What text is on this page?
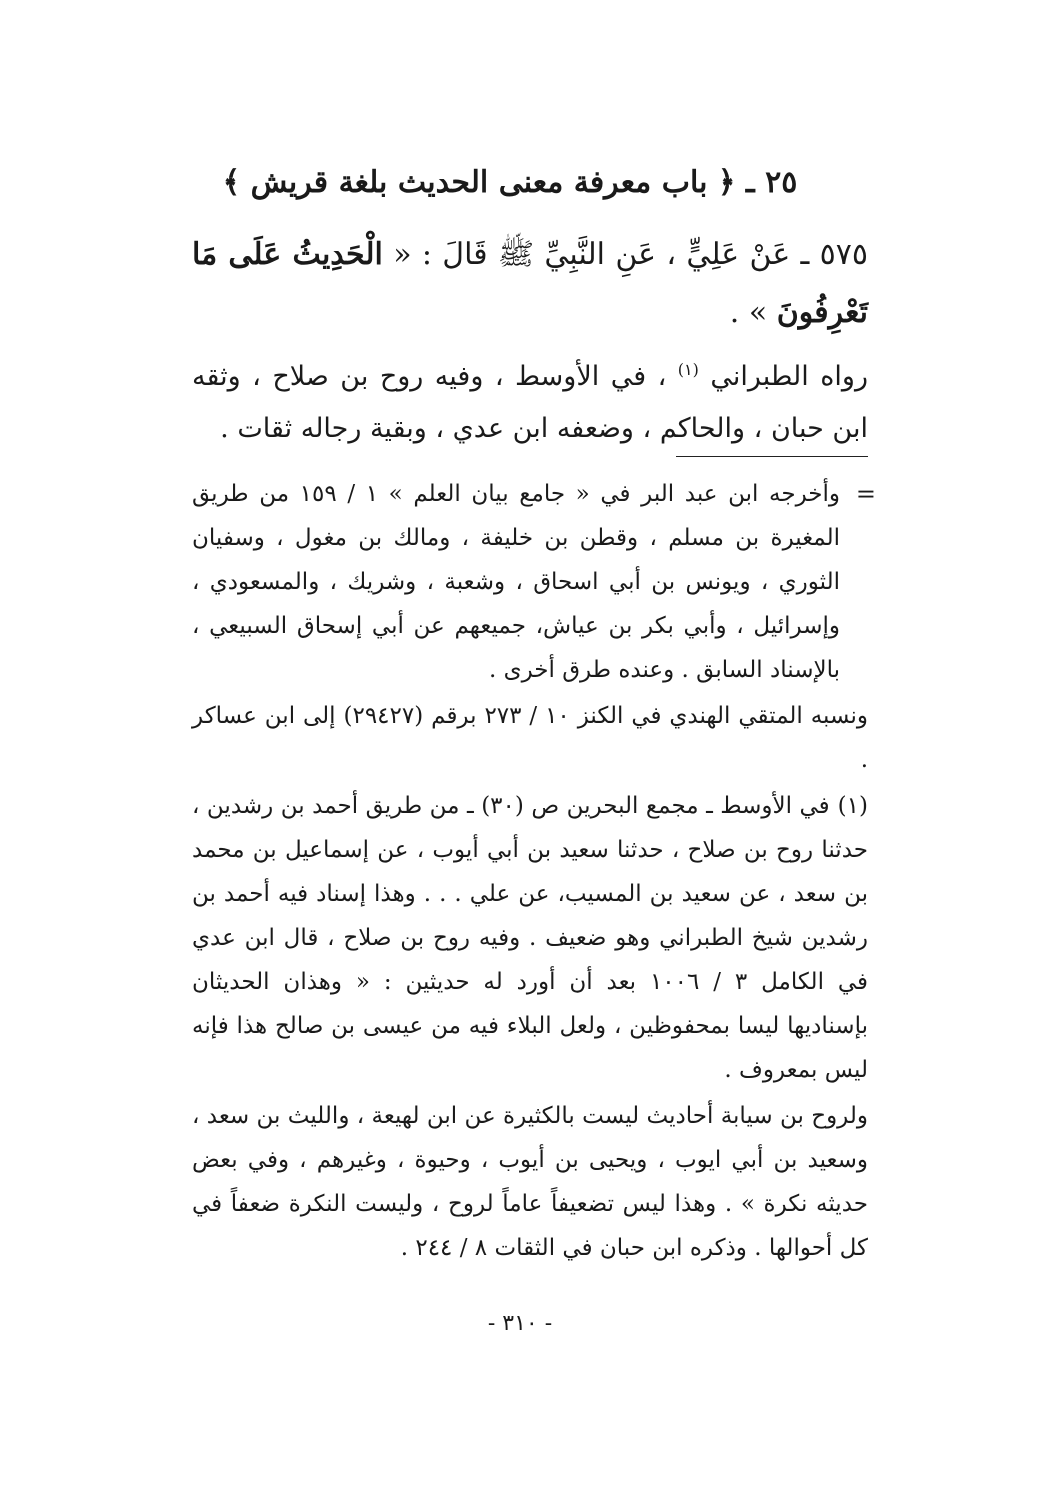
٢٥ ـ ﴿ باب معرفة معنى الحديث بلغة قريش ﴾
٥٧٥ ـ عَنْ عَلِيٍّ ، عَنِ النَّبِيِّ ﷺ قَالَ : « الْحَدِيثُ عَلَى مَا تَعْرِفُونَ » .
رواه الطبراني $^{(١)}$ ، في الأوسط ، وفيه روح بن صلاح ، وثقه ابن حبان ، والحاكم ، وضعفه ابن عدي ، وبقية رجاله ثقات .
=

وأخرجه ابن عبد البر في « جامع بيان العلم » ١ / ١٥٩ من طريق المغيرة بن مسلم ، وقطن بن خليفة ، ومالك بن مغول ، وسفيان الثوري ، ويونس بن أبي اسحاق ، وشعبة ، وشريك ، والمسعودي ، وإسرائيل ، وأبي بكر بن عياش، جميعهم عن أبي إسحاق السبيعي ، بالإسناد السابق . وعنده طرق أخرى .

ونسبه المتقي الهندي في الكنز ١٠ / ٢٧٣ برقم (٢٩٤٢٧) إلى ابن عساكر .

(١)في الأوسط ـ مجمع البحرين ص (٣٠) ـ من طريق أحمد بن رشدين ، حدثنا روح بن صلاح ، حدثنا سعيد بن أبي أيوب ، عن إسماعيل بن محمد بن سعد ، عن سعيد بن المسيب، عن علي . . . وهذا إسناد فيه أحمد بن رشدين شيخ الطبراني وهو ضعيف . وفيه روح بن صلاح ، قال ابن عدي في الكامل ٣ / ١٠٠٦ بعد أن أورد له حديثين : « وهذان الحديثان بإسناديها ليسا بمحفوظين ، ولعل البلاء فيه من عيسى بن صالح هذا فإنه ليس بمعروف .

ولروح بن سيابة أحاديث ليست بالكثيرة عن ابن لهيعة ، والليث بن سعد ، وسعيد بن أبي ايوب ، ويحيى بن أيوب ، وحيوة ، وغيرهم ، وفي بعض حديثه نكرة » . وهذا ليس تضعيفاً عاماً لروح ، وليست النكرة ضعفاً في كل أحوالها . وذكره ابن حبان في الثقات ٨ / ٢٤٤ .

- ٣١٠ -
